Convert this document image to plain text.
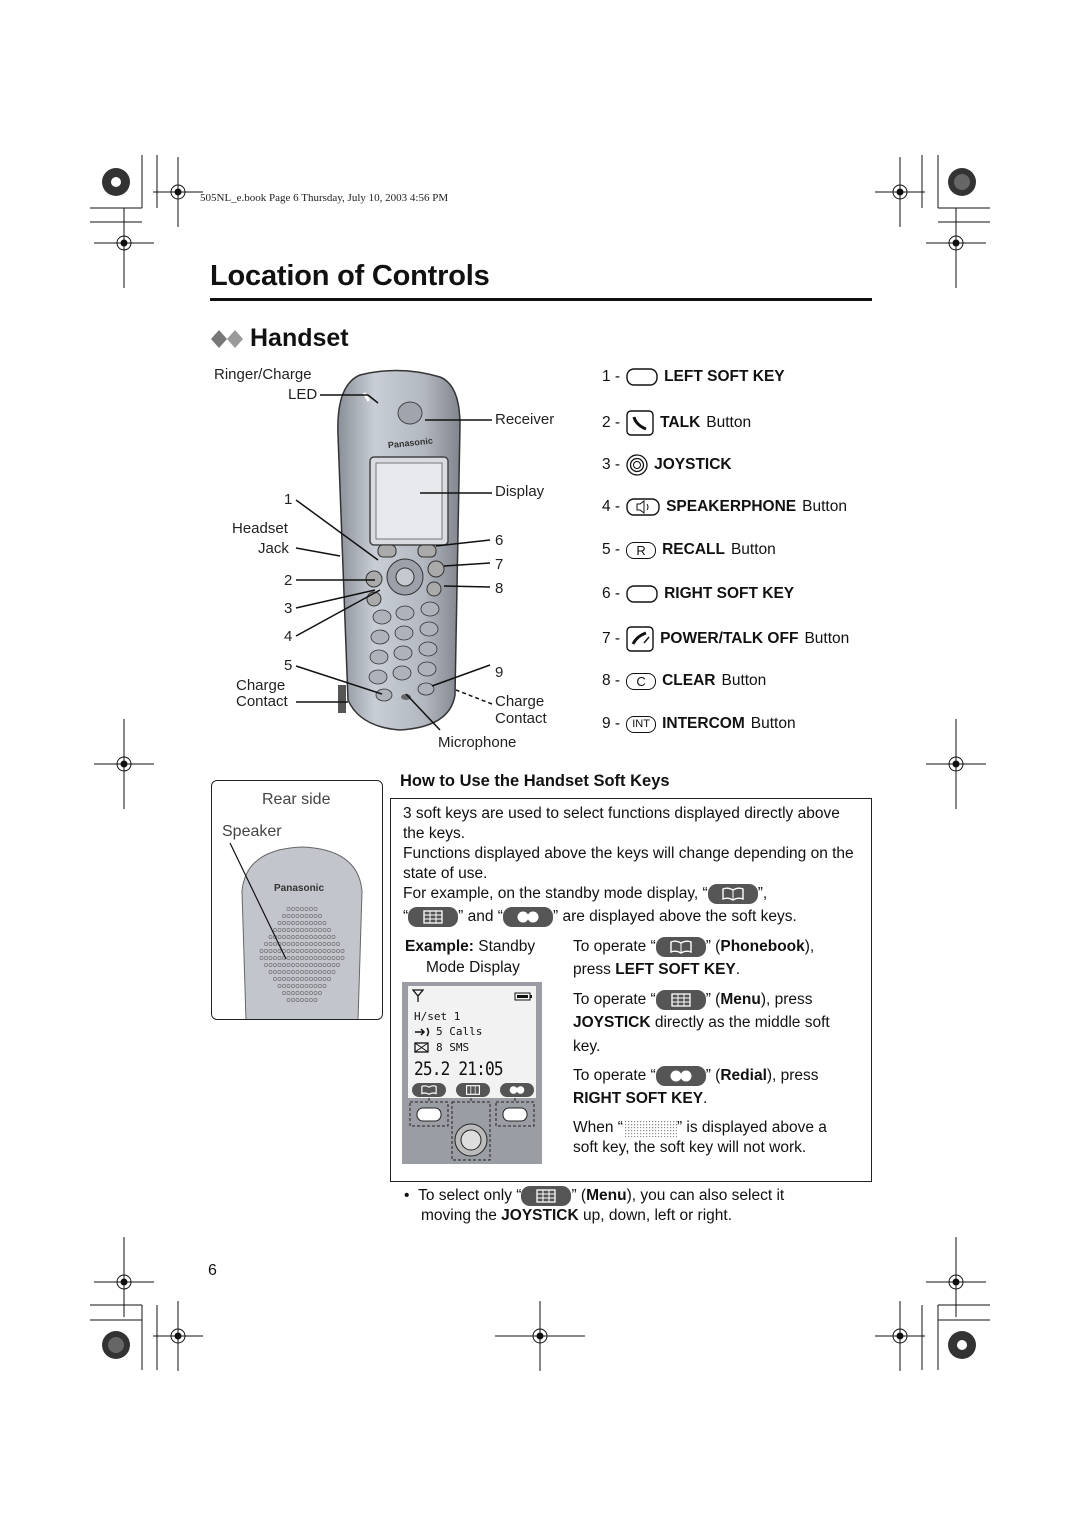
505NL_e.book Page 6 Thursday, July 10, 2003 4:56 PM
Location of Controls
Handset
Panasonic
Ringer/Charge
LED
Receiver
Display
1
Headset
Jack
2
3
4
5
Charge
Contact
6
7
8
9
Charge
Contact
Microphone
1 -	LEFT SOFT KEY
2 -	TALK Button
3 - JOYSTICK
4 -	SPEAKERPHONE Button
5 -	R	RECALL Button
6 -	RIGHT SOFT KEY
7 -	POWER/TALK OFF Button
8 -	C	CLEAR Button
9 -	INT INTERCOM Button
Rear side
Speaker
Panasonic
How to Use the Handset Soft Keys
3 soft keys are used to select functions displayed directly above the keys.
Functions displayed above the keys will change depending on the state of use.
For example, on the standby mode display, “	”,
“	” and “	” are displayed above the soft keys.
Example: Standby
Mode Display
H/set 1
5 Calls
8 SMS
25.2 21:05
To operate “	” (Phonebook),
press LEFT SOFT KEY.
To operate “	” (Menu), press
JOYSTICK directly as the middle soft
key.
To operate “	” (Redial), press
RIGHT SOFT KEY.
When “	” is displayed above a
soft key, the soft key will not work.
• To select only “	” (Menu), you can also select it
moving the JOYSTICK up, down, left or right.
6
